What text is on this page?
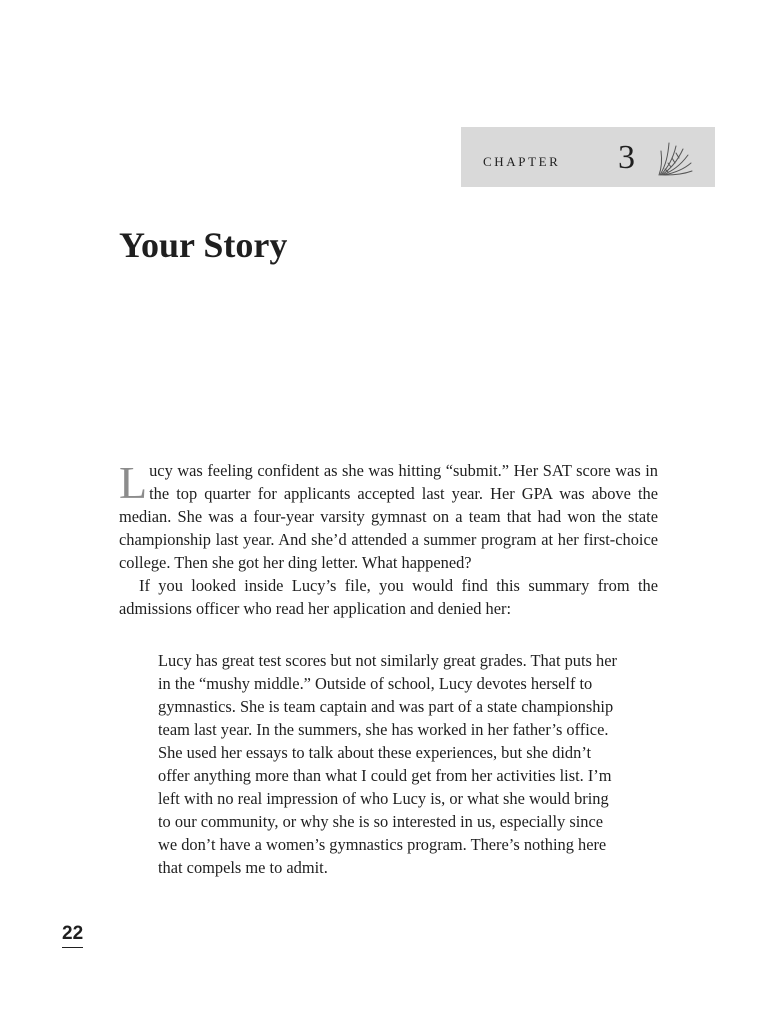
chapter 3
Your Story

Lucy was feeling confident as she was hitting “submit.” Her SAT score was in the top quarter for applicants accepted last year. Her GPA was above the median. She was a four-year varsity gymnast on a team that had won the state championship last year. And she’d attended a summer program at her first-choice college. Then she got her ding letter. What happened?

If you looked inside Lucy’s file, you would find this summary from the admissions officer who read her application and denied her:

Lucy has great test scores but not similarly great grades. That puts her
in the “mushy middle.” Outside of school, Lucy devotes herself to
gymnastics. She is team captain and was part of a state championship
team last year. In the summers, she has worked in her father’s office.
She used her essays to talk about these experiences, but she didn’t
offer anything more than what I could get from her activities list. I’m
left with no real impression of who Lucy is, or what she would bring
to our community, or why she is so interested in us, especially since
we don’t have a women’s gymnastics program. There’s nothing here
that compels me to admit.
22
